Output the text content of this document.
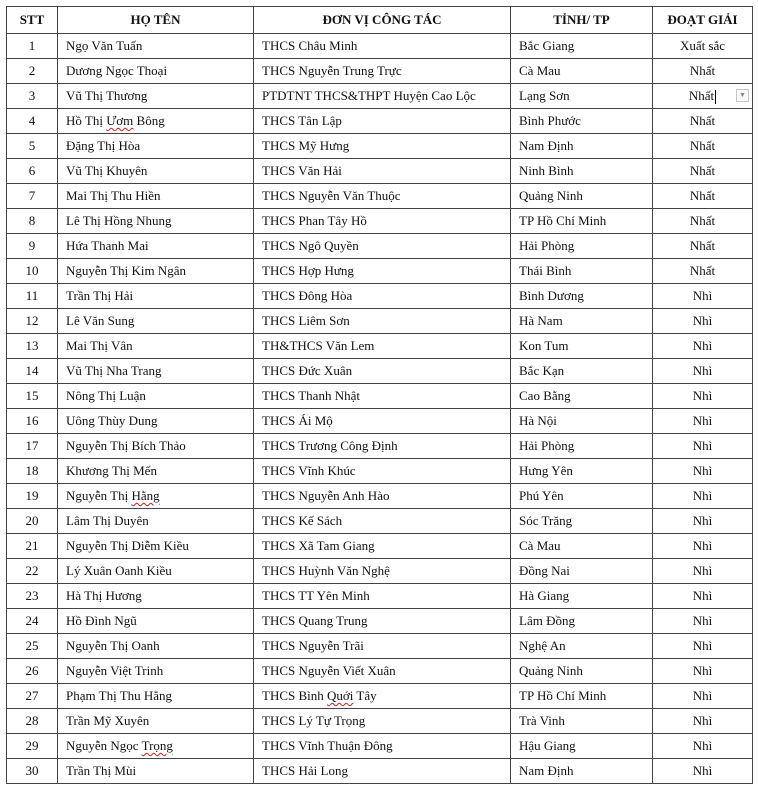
STT	HỌ TÊN	ĐƠN VỊ CÔNG TÁC	TỈNH/ TP	ĐOẠT GIẢI
1	Ngọ Văn Tuấn	THCS Châu Minh	Bắc Giang	Xuất sắc
2	Dương Ngọc Thoại	THCS Nguyễn Trung Trực	Cà Mau	Nhất
3	Vũ Thị Thương	PTDTNT THCS&THPT Huyện Cao Lộc	Lạng Sơn	Nhất ▼

4	Hồ Thị Ươm Bông	THCS Tân Lập	Bình Phước	Nhất
5	Đặng Thị Hòa	THCS Mỹ Hưng	Nam Định	Nhất
6	Vũ Thị Khuyên	THCS Văn Hải	Ninh Bình	Nhất
7	Mai Thị Thu Hiền	THCS Nguyễn Văn Thuộc	Quảng Ninh	Nhất
8	Lê Thị Hồng Nhung	THCS Phan Tây Hồ	TP Hồ Chí Minh	Nhất
9	Hứa Thanh Mai	THCS Ngô Quyền	Hải Phòng	Nhất
10	Nguyễn Thị Kim Ngân	THCS Hợp Hưng	Thái Bình	Nhất
11	Trần Thị Hải	THCS Đông Hòa	Bình Dương	Nhì
12	Lê Văn Sung	THCS Liêm Sơn	Hà Nam	Nhì
13	Mai Thị Vân	TH&THCS Văn Lem	Kon Tum	Nhì
14	Vũ Thị Nha Trang	THCS Đức Xuân	Bắc Kạn	Nhì
15	Nông Thị Luận	THCS Thanh Nhật	Cao Bằng	Nhì
16	Uông Thùy Dung	THCS Ái Mộ	Hà Nội	Nhì
17	Nguyễn Thị Bích Thảo	THCS Trương Công Định	Hải Phòng	Nhì
18	Khương Thị Mến	THCS Vĩnh Khúc	Hưng Yên	Nhì
19	Nguyễn Thị Hằng	THCS Nguyễn Anh Hào	Phú Yên	Nhì
20	Lâm Thị Duyên	THCS Kế Sách	Sóc Trăng	Nhì
21	Nguyễn Thị Diễm Kiều	THCS Xã Tam Giang	Cà Mau	Nhì
22	Lý Xuân Oanh Kiều	THCS Huỳnh Văn Nghệ	Đồng Nai	Nhì
23	Hà Thị Hương	THCS TT Yên Minh	Hà Giang	Nhì
24	Hồ Đình Ngũ	THCS Quang Trung	Lâm Đồng	Nhì
25	Nguyễn Thị Oanh	THCS Nguyễn Trãi	Nghệ An	Nhì
26	Nguyễn Việt Trinh	THCS Nguyễn Viết Xuân	Quảng Ninh	Nhì
27	Phạm Thị Thu Hằng	THCS Bình Quới Tây	TP Hồ Chí Minh	Nhì
28	Trần Mỹ Xuyên	THCS Lý Tự Trọng	Trà Vinh	Nhì
29	Nguyễn Ngọc Trọng	THCS Vĩnh Thuận Đông	Hậu Giang	Nhì
30	Trần Thị Mùi	THCS Hải Long	Nam Định	Nhì
